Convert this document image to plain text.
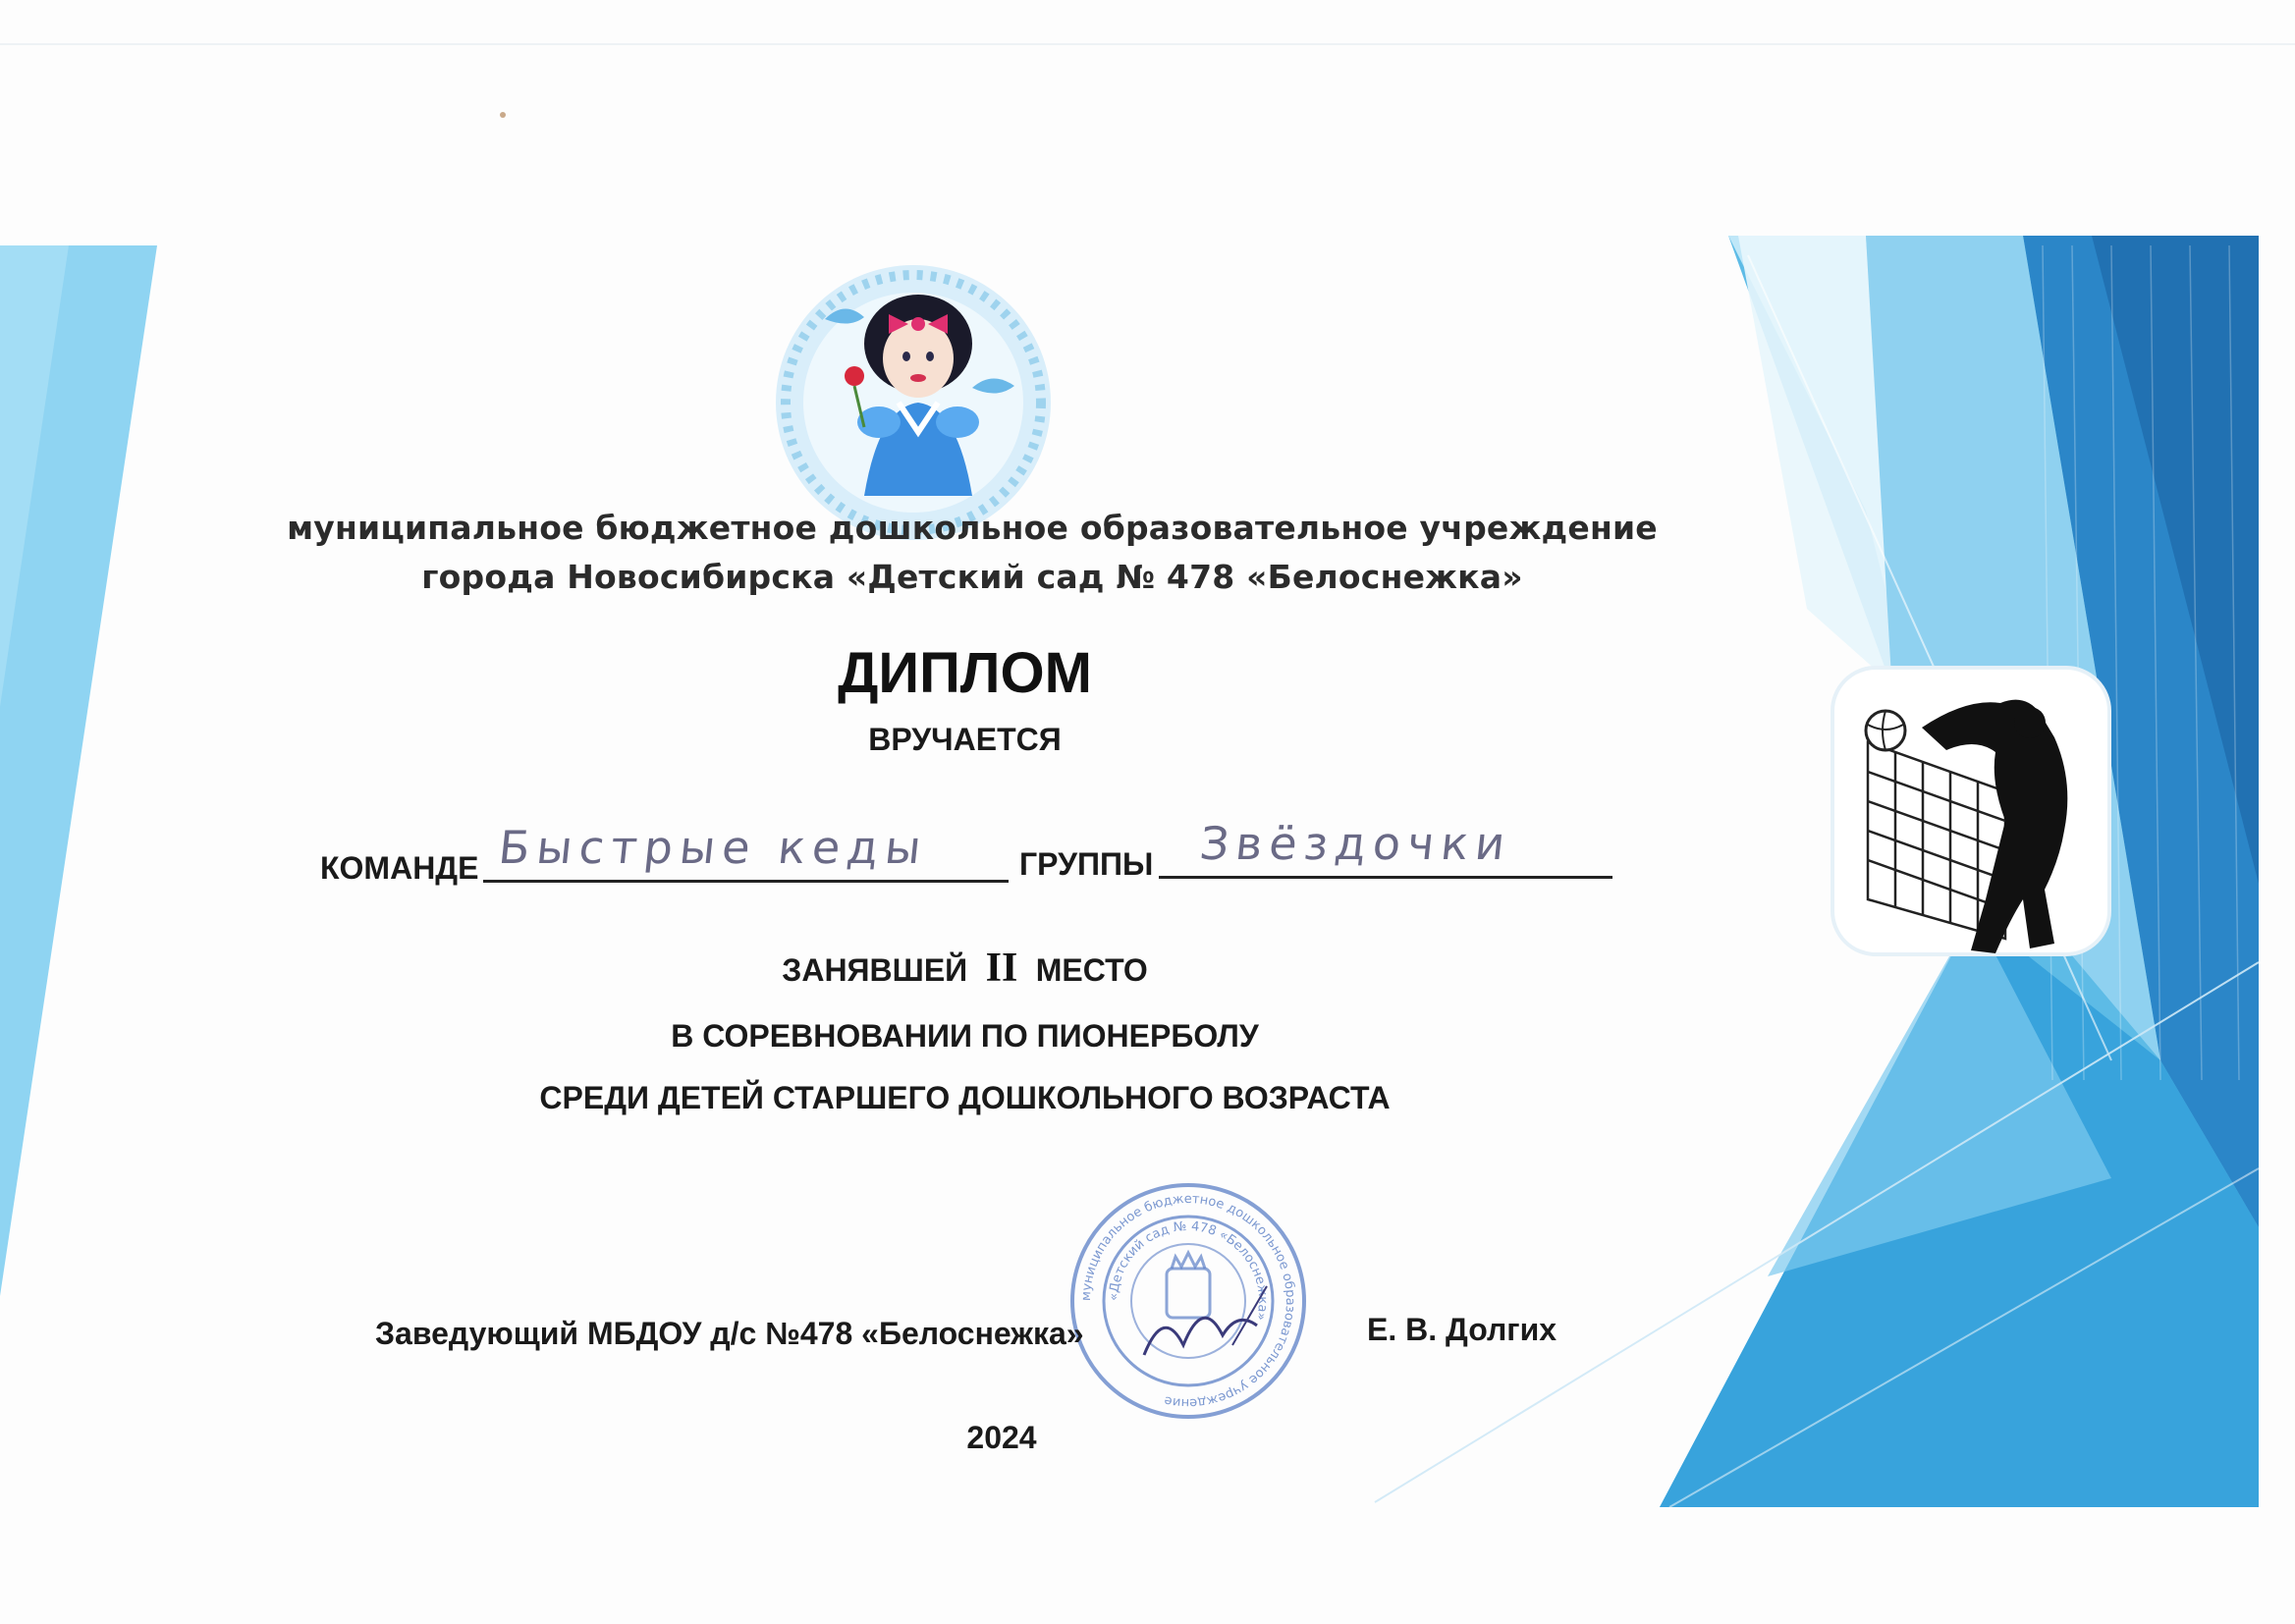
муниципальное бюджетное дошкольное образовательное учреждение
города Новосибирска «Детский сад № 478 «Белоснежка»
ДИПЛОМ
ВРУЧАЕТСЯ
КОМАНДЕ Быстрые кеды	ГРУППЫ Звёздочки
ЗАНЯВШЕЙ II МЕСТО
В СОРЕВНОВАНИИ ПО ПИОНЕРБОЛУ
СРЕДИ ДЕТЕЙ СТАРШЕГО ДОШКОЛЬНОГО ВОЗРАСТА
муниципальное бюджетное дошкольное образовательное учреждение
«Детский сад № 478 «Белоснежка»
Заведующий МБДОУ д/с №478 «Белоснежка»	Е. В. Долгих
2024
